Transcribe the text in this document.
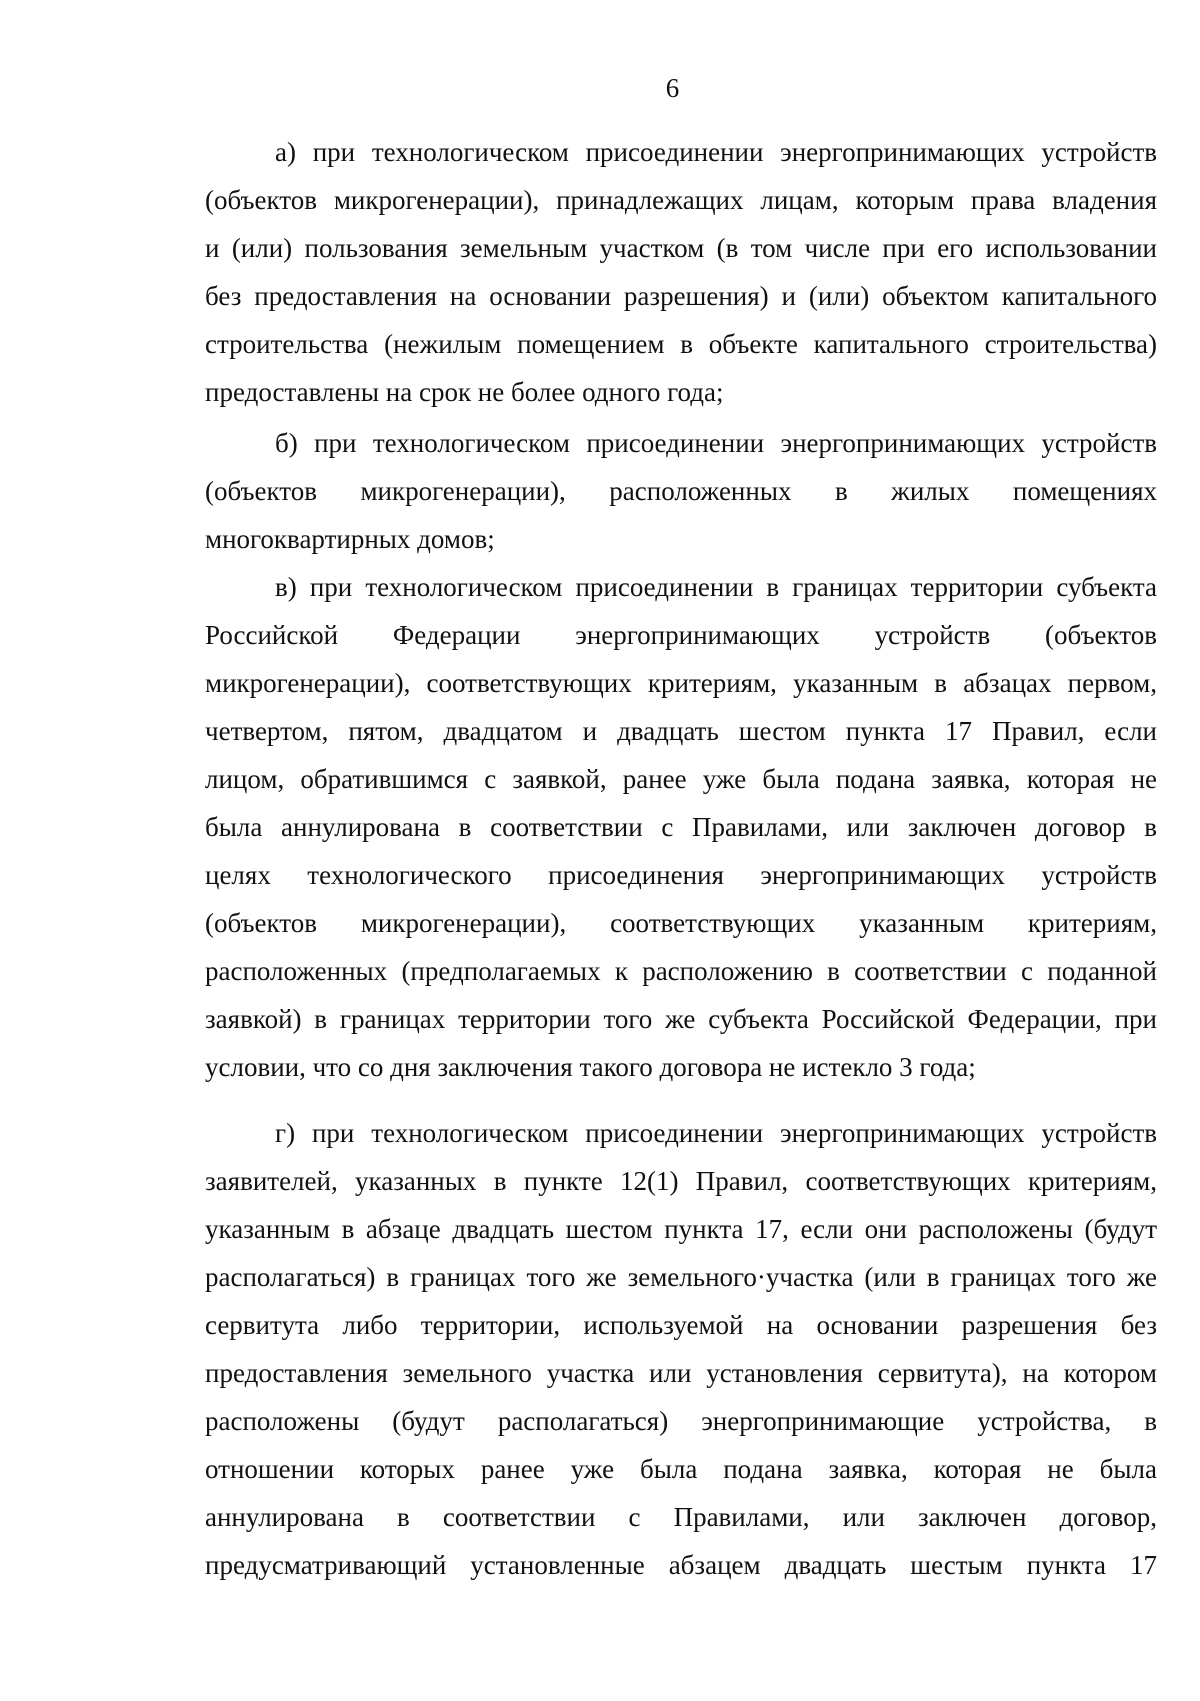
6
а) при технологическом присоединении энергопринимающих устройств
(объектов микрогенерации), принадлежащих лицам, которым права владения
и (или) пользования земельным участком (в том числе при его использовании
без предоставления на основании разрешения) и (или) объектом капитального
строительства (нежилым помещением в объекте капитального строительства)
предоставлены на срок не более одного года;
б) при технологическом присоединении энергопринимающих устройств
(объектов микрогенерации), расположенных в жилых помещениях
многоквартирных домов;
в) при технологическом присоединении в границах территории субъекта
Российской Федерации энергопринимающих устройств (объектов
микрогенерации), соответствующих критериям, указанным в абзацах первом,
четвертом, пятом, двадцатом и двадцать шестом пункта 17 Правил, если
лицом, обратившимся с заявкой, ранее уже была подана заявка, которая не
была аннулирована в соответствии с Правилами, или заключен договор в
целях технологического присоединения энергопринимающих устройств
(объектов микрогенерации), соответствующих указанным критериям,
расположенных (предполагаемых к расположению в соответствии с поданной
заявкой) в границах территории того же субъекта Российской Федерации, при
условии, что со дня заключения такого договора не истекло 3 года;
г) при технологическом присоединении энергопринимающих устройств
заявителей, указанных в пункте 12(1) Правил, соответствующих критериям,
указанным в абзаце двадцать шестом пункта 17, если они расположены (будут
располагаться) в границах того же земельного·участка (или в границах того же
сервитута либо территории, используемой на основании разрешения без
предоставления земельного участка или установления сервитута), на котором
расположены (будут располагаться) энергопринимающие устройства, в
отношении которых ранее уже была подана заявка, которая не была
аннулирована в соответствии с Правилами, или заключен договор,
предусматривающий установленные абзацем двадцать шестым пункта 17
